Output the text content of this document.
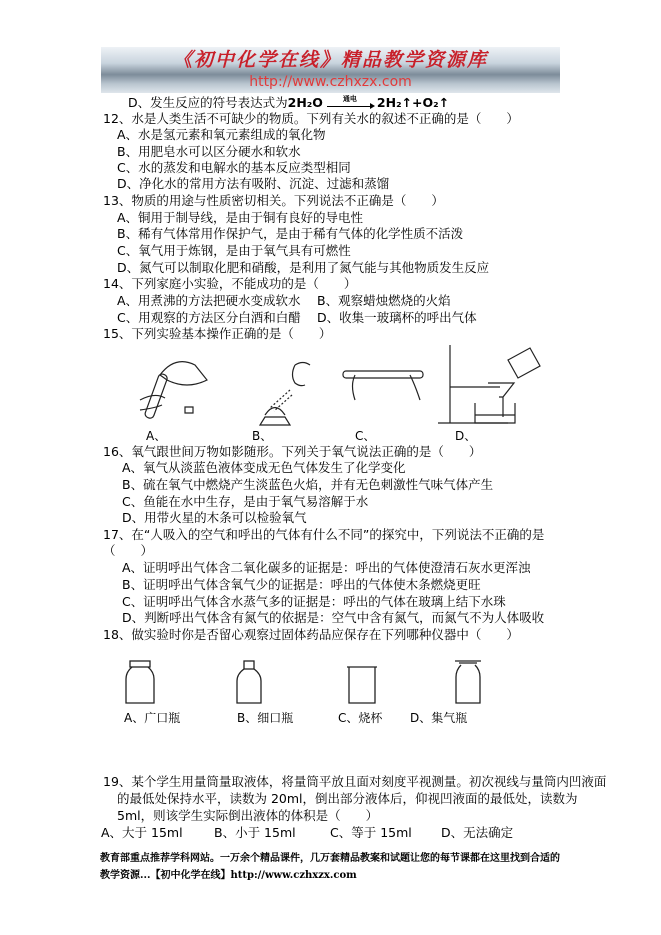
《初中化学在线》精品教学资源库
http://www.czhxzx.com
D、发生反应的符号表达式为2H₂O	通电 2H₂↑+O₂↑
12、水是人类生活不可缺少的物质。下列有关水的叙述不正确的是（　　）
A、水是氢元素和氧元素组成的氧化物
B、用肥皂水可以区分硬水和软水
C、水的蒸发和电解水的基本反应类型相同
D、净化水的常用方法有吸附、沉淀、过滤和蒸馏
13、物质的用途与性质密切相关。下列说法不正确是（　　）
A、铜用于制导线，是由于铜有良好的导电性
B、稀有气体常用作保护气，是由于稀有气体的化学性质不活泼
C、氧气用于炼钢，是由于氧气具有可燃性
D、氮气可以制取化肥和硝酸，是利用了氮气能与其他物质发生反应
14、下列家庭小实验，不能成功的是（　　）
A、用煮沸的方法把硬水变成软水 B、观察蜡烛燃烧的火焰
C、用观察的方法区分白酒和白醋 D、收集一玻璃杯的呼出气体
15、下列实验基本操作正确的是（　　）
A、	B、	C、	D、
16、氧气跟世间万物如影随形。下列关于氧气说法正确的是（　　）
A、氧气从淡蓝色液体变成无色气体发生了化学变化
B、硫在氧气中燃烧产生淡蓝色火焰，并有无色刺激性气味气体产生
C、鱼能在水中生存，是由于氧气易溶解于水
D、用带火星的木条可以检验氧气
17、在“人吸入的空气和呼出的气体有什么不同”的探究中，下列说法不正确的是
（　　）
A、证明呼出气体含二氧化碳多的证据是：呼出的气体使澄清石灰水更浑浊
B、证明呼出气体含氧气少的证据是：呼出的气体使木条燃烧更旺
C、证明呼出气体含水蒸气多的证据是：呼出的气体在玻璃上结下水珠
D、判断呼出气体含有氮气的依据是：空气中含有氮气，而氮气不为人体吸收
18、做实验时你是否留心观察过固体药品应保存在下列哪种仪器中（　　）
A、广口瓶	B、细口瓶	C、烧杯 D、集气瓶
19、某个学生用量筒量取液体，将量筒平放且面对刻度平视测量。初次视线与量筒内凹液面
的最低处保持水平，读数为 20ml，倒出部分液体后，仰视凹液面的最低处，读数为
5ml，则该学生实际倒出液体的体积是（　　）
A、大于 15ml	B、小于 15ml	C、等于 15ml D、无法确定
教育部重点推荐学科网站。一万余个精品课件，几万套精品教案和试题让您的每节课都在这里找到合适的
教学资源...【初中化学在线】http://www.czhxzx.com
